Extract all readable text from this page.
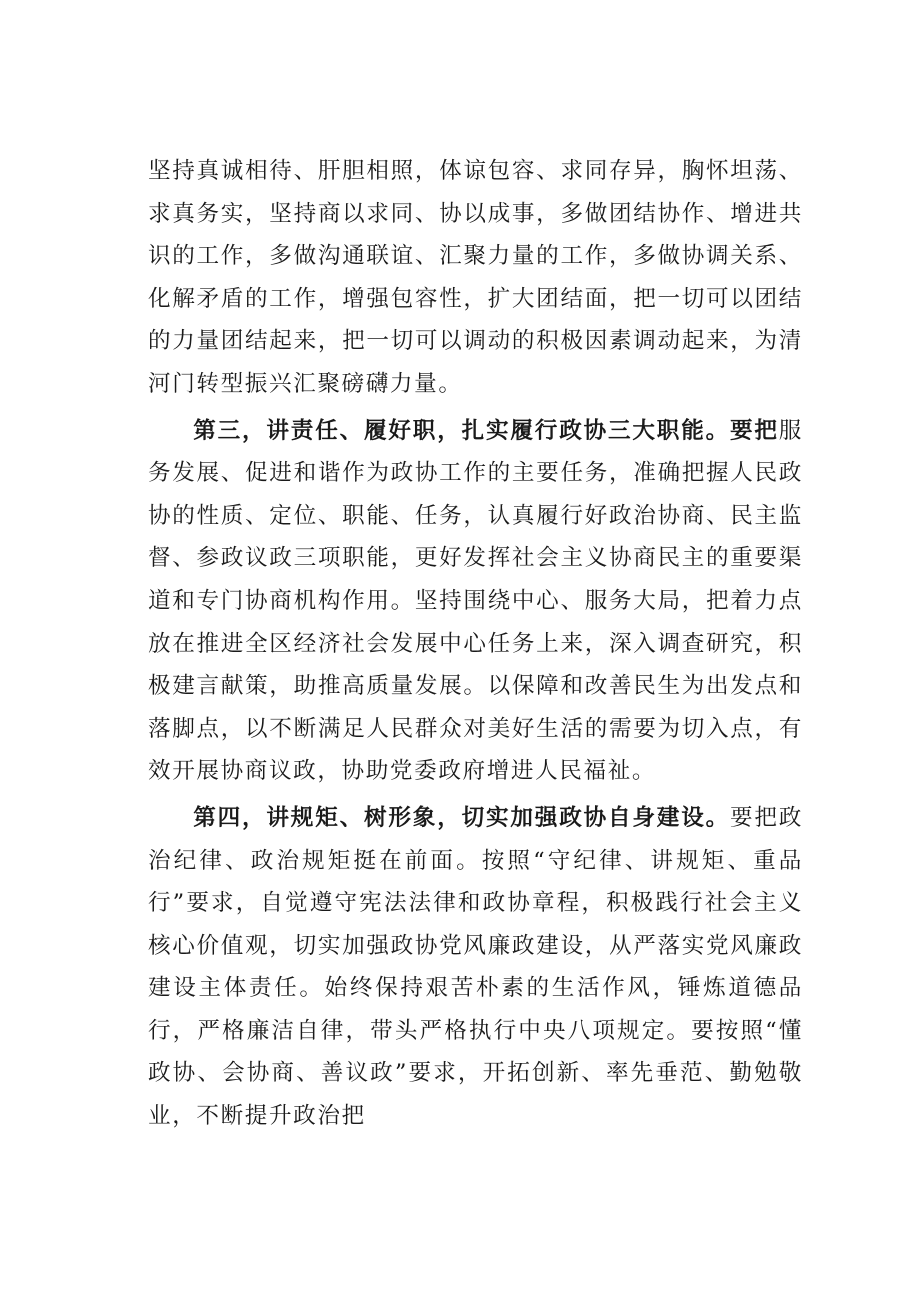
坚持真诚相待、肝胆相照，体谅包容、求同存异，胸怀坦荡、求真务实，坚持商以求同、协以成事，多做团结协作、增进共识的工作，多做沟通联谊、汇聚力量的工作，多做协调关系、化解矛盾的工作，增强包容性，扩大团结面，把一切可以团结的力量团结起来，把一切可以调动的积极因素调动起来，为清河门转型振兴汇聚磅礴力量。

第三，讲责任、履好职，扎实履行政协三大职能。要把服务发展、促进和谐作为政协工作的主要任务，准确把握人民政协的性质、定位、职能、任务，认真履行好政治协商、民主监督、参政议政三项职能，更好发挥社会主义协商民主的重要渠道和专门协商机构作用。坚持围绕中心、服务大局，把着力点放在推进全区经济社会发展中心任务上来，深入调查研究，积极建言献策，助推高质量发展。以保障和改善民生为出发点和落脚点，以不断满足人民群众对美好生活的需要为切入点，有效开展协商议政，协助党委政府增进人民福祉。

第四，讲规矩、树形象，切实加强政协自身建设。要把政治纪律、政治规矩挺在前面。按照“守纪律、讲规矩、重品行”要求，自觉遵守宪法法律和政协章程，积极践行社会主义核心价值观，切实加强政协党风廉政建设，从严落实党风廉政建设主体责任。始终保持艰苦朴素的生活作风，锤炼道德品行，严格廉洁自律，带头严格执行中央八项规定。要按照“懂政协、会协商、善议政”要求，开拓创新、率先垂范、勤勉敬业，不断提升政治把
